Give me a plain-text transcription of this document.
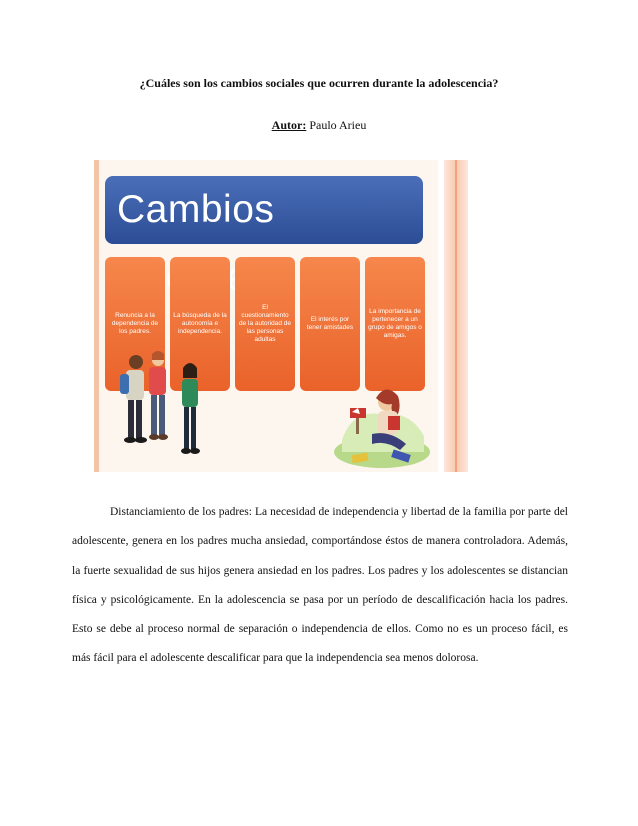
¿Cuáles son los cambios sociales que ocurren durante la adolescencia?
Autor: Paulo Arieu
Cambios
Renuncia a la dependencia de los padres.
La búsqueda de la autonomía e independencia.
El cuestionamiento de la autoridad de las personas adultas
El interés por tener amistades
La importancia de pertenecer a un grupo de amigos o amigas.

Distanciamiento de los padres: La necesidad de independencia y libertad de la familia por parte del adolescente, genera en los padres mucha ansiedad, comportándose éstos de manera controladora. Además, la fuerte sexualidad de sus hijos genera ansiedad en los padres. Los padres y los adolescentes se distancian física y psicológicamente. En la adolescencia se pasa por un período de descalificación hacia los padres. Esto se debe al proceso normal de separación o independencia de ellos. Como no es un proceso fácil, es más fácil para el adolescente descalificar para que la independencia sea menos dolorosa.
